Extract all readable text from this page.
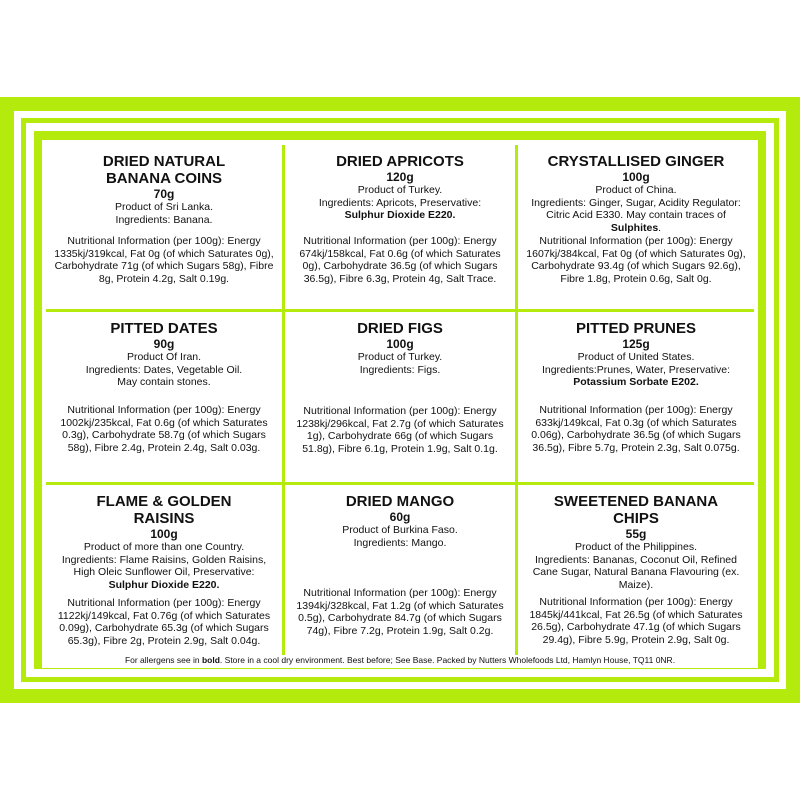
DRIED NATURAL BANANA COINS
70g
Product of Sri Lanka.
Ingredients: Banana.
Nutritional Information (per 100g): Energy 1335kj/319kcal, Fat 0g (of which Saturates 0g), Carbohydrate 71g (of which Sugars 58g), Fibre 8g, Protein 4.2g, Salt 0.19g.
DRIED APRICOTS
120g
Product of Turkey.
Ingredients: Apricots, Preservative:
Sulphur Dioxide E220.
Nutritional Information (per 100g): Energy 674kj/158kcal, Fat 0.6g (of which Saturates 0g), Carbohydrate 36.5g (of which Sugars 36.5g), Fibre 6.3g, Protein 4g, Salt Trace.
CRYSTALLISED GINGER
100g
Product of China.
Ingredients: Ginger, Sugar, Acidity Regulator: Citric Acid E330. May contain traces of Sulphites.
Nutritional Information (per 100g): Energy 1607kj/384kcal, Fat 0g (of which Saturates 0g), Carbohydrate 93.4g (of which Sugars 92.6g), Fibre 1.8g, Protein 0.6g, Salt 0g.
PITTED DATES
90g
Product Of Iran.
Ingredients: Dates, Vegetable Oil.
May contain stones.
Nutritional Information (per 100g): Energy 1002kj/235kcal, Fat 0.6g (of which Saturates 0.3g), Carbohydrate 58.7g (of which Sugars 58g), Fibre 2.4g, Protein 2.4g, Salt 0.03g.
DRIED FIGS
100g
Product of Turkey.
Ingredients: Figs.
Nutritional Information (per 100g): Energy 1238kj/296kcal, Fat 2.7g (of which Saturates 1g), Carbohydrate 66g (of which Sugars 51.8g), Fibre 6.1g, Protein 1.9g, Salt 0.1g.
PITTED PRUNES
125g
Product of United States.
Ingredients:Prunes, Water, Preservative:
Potassium Sorbate E202.
Nutritional Information (per 100g): Energy 633kj/149kcal, Fat 0.3g (of which Saturates 0.06g), Carbohydrate 36.5g (of which Sugars 36.5g), Fibre 5.7g, Protein 2.3g, Salt 0.075g.
FLAME & GOLDEN RAISINS
100g
Product of more than one Country.
Ingredients: Flame Raisins, Golden Raisins, High Oleic Sunflower Oil, Preservative:
Sulphur Dioxide E220.
Nutritional Information (per 100g): Energy 1122kj/149kcal, Fat 0.76g (of which Saturates 0.09g), Carbohydrate 65.3g (of which Sugars 65.3g), Fibre 2g, Protein 2.9g, Salt 0.04g.
DRIED MANGO
60g
Product of Burkina Faso.
Ingredients: Mango.
Nutritional Information (per 100g): Energy 1394kj/328kcal, Fat 1.2g (of which Saturates 0.5g), Carbohydrate 84.7g (of which Sugars 74g), Fibre 7.2g, Protein 1.9g, Salt 0.2g.
SWEETENED BANANA CHIPS
55g
Product of the Philippines.
Ingredients: Bananas, Coconut Oil, Refined Cane Sugar, Natural Banana Flavouring (ex. Maize).
Nutritional Information (per 100g): Energy 1845kj/441kcal, Fat 26.5g (of which Saturates 26.5g), Carbohydrate 47.1g (of which Sugars 29.4g), Fibre 5.9g, Protein 2.9g, Salt 0g.
For allergens see in bold. Store in a cool dry environment. Best before; See Base. Packed by Nutters Wholefoods Ltd, Hamlyn House, TQ11 0NR.
